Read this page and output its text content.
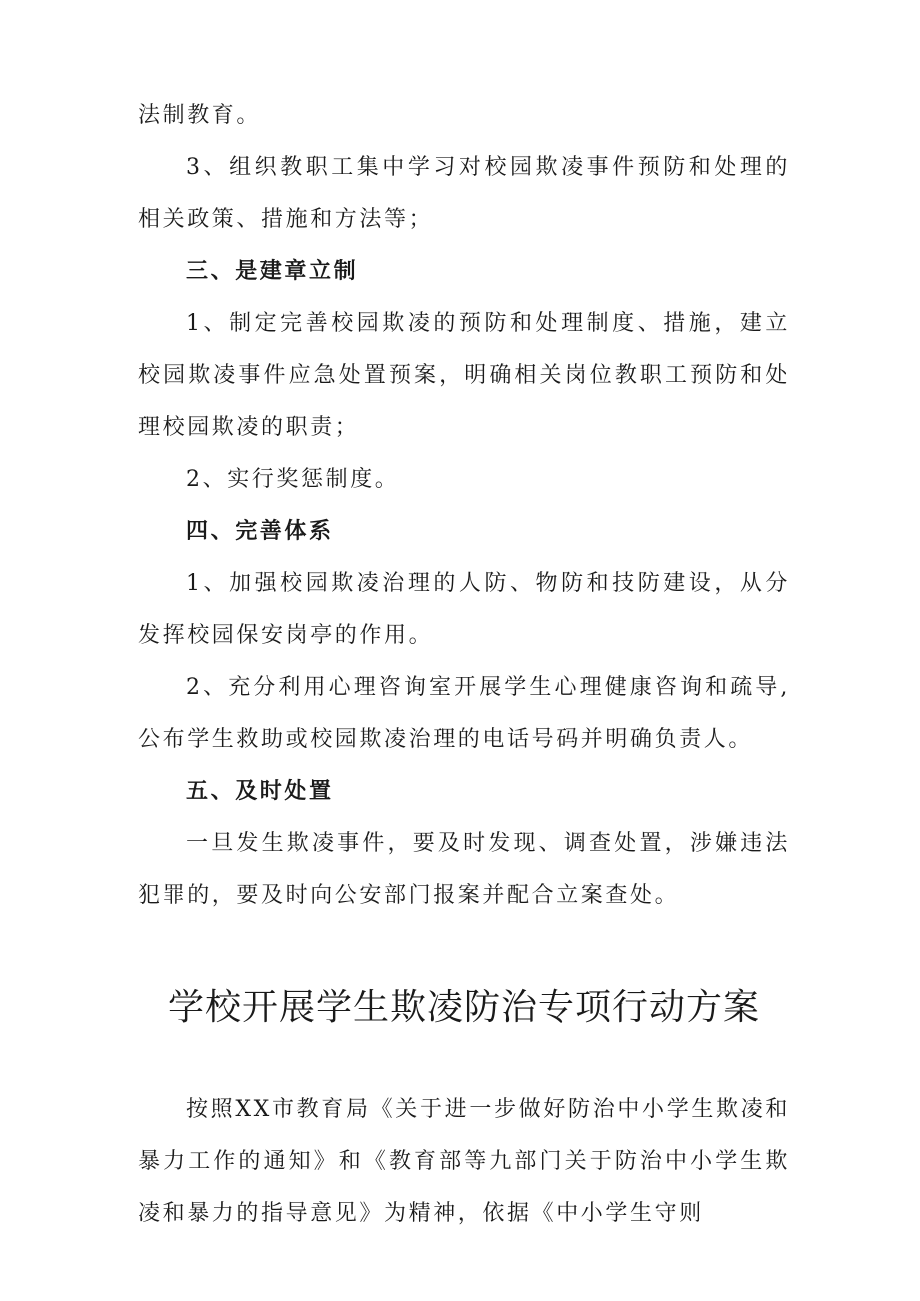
法制教育。

3、组织教职工集中学习对校园欺凌事件预防和处理的相关政策、措施和方法等；

三、是建章立制

1、制定完善校园欺凌的预防和处理制度、措施，建立校园欺凌事件应急处置预案，明确相关岗位教职工预防和处理校园欺凌的职责；

2、实行奖惩制度。

四、完善体系

1、加强校园欺凌治理的人防、物防和技防建设，从分发挥校园保安岗亭的作用。

2、充分利用心理咨询室开展学生心理健康咨询和疏导,公布学生救助或校园欺凌治理的电话号码并明确负责人。

五、及时处置

一旦发生欺凌事件，要及时发现、调查处置，涉嫌违法犯罪的，要及时向公安部门报案并配合立案查处。

学校开展学生欺凌防治专项行动方案

按照XX市教育局《关于进一步做好防治中小学生欺凌和暴力工作的通知》和《教育部等九部门关于防治中小学生欺凌和暴力的指导意见》为精神，依据《中小学生守则
